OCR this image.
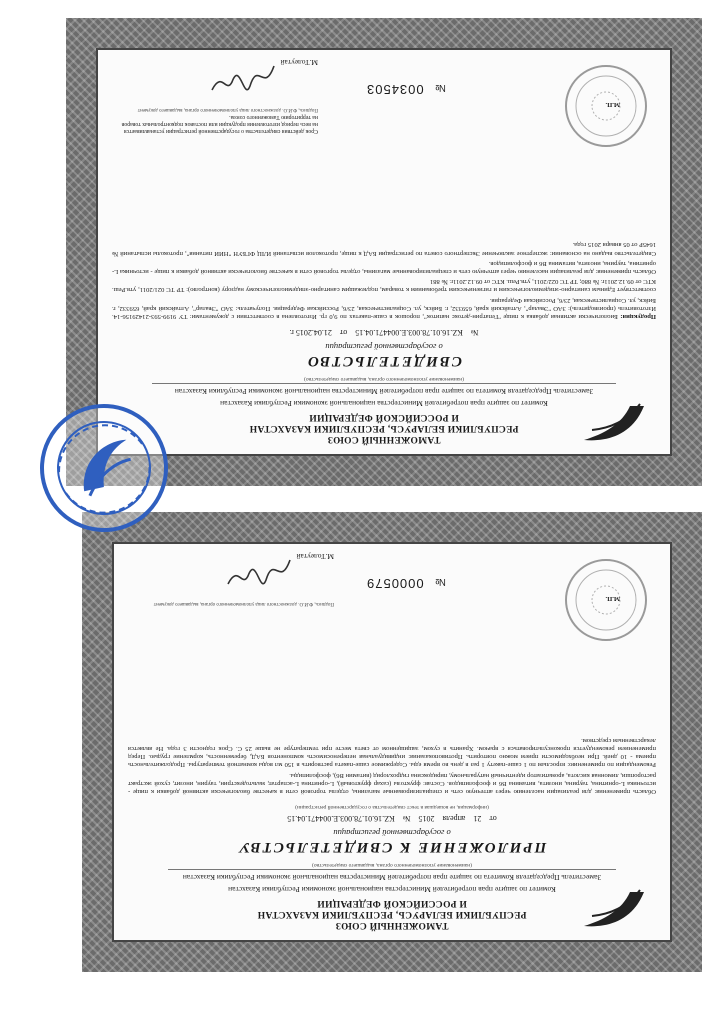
ТАМОЖЕННЫЙ СОЮЗ
РЕСПУБЛИКИ БЕЛАРУСЬ, РЕСПУБЛИКИ КАЗАХСТАН
И РОССИЙСКОЙ ФЕДЕРАЦИИ
Комитет по защите прав потребителей Министерства национальной экономики Республики Казахстан
Заместитель Председателя Комитета по защите прав потребителей Министерства национальной экономики Республики Казахстан
(наименование уполномоченного органа, выдавшего свидетельство)
СВИДЕТЕЛЬСТВО
о государственной регистрации
№ KZ.16.01.78.003.E.004471.04.15 от 21.04.2015 г.

Продукция: Биологически активная добавка к пище "Гепатрин-детокс напиток", порошок в саше-пакетах по 9,0 гр. Изготовлена в соответствии с документами: ТУ 9199-593-21429156-14. Изготовитель (производитель): ЗАО "Эвалар", Алтайский край, 659332, г. Бийск, ул. Социалистическая, 23/6, Российская Федерация. Получатель: ЗАО "Эвалар", Алтайский край, 659332, г. Бийск, ул. Социалистическая, 23/6, Российская Федерация.

соответствует Единым санитарно-эпидемиологическим и гигиеническим требованиям к товарам, подлежащим санитарно-эпидемиологическому надзору (контролю): ТР ТС 021/2011, утв.Реш. КТС от 09.12.2011г. № 880; ТР ТС 022/2011, утв.Реш. КТС от 09.12.2011г. № 881

Область применения: для реализации населению через аптечную сеть и специализированные магазины, отделы торговой сети в качестве биологически активной добавки к пище - источника L-орнитина, таурина, инозита, витамина B6 и фосфолипидов.

Свидетельство выдано на основании: экспертное заключение Экспертного совета по регистрации БАД к пище, протоколов испытаний ИЛЦ ФГБУН "НИИ питания", протоколы испытаний № 1645Р от 05 января 2015 года.

Срок действия свидетельства о государственной регистрации устанавливается на весь период изготовления продукции или поставок подконтрольных товаров на территорию Таможенного союза.
М.П.
№ 0034503
Подпись, Ф.И.О. должностного лица уполномоченного органа, выдавшего документ
М.Толеутай
ТАМОЖЕННЫЙ СОЮЗ
РЕСПУБЛИКИ БЕЛАРУСЬ, РЕСПУБЛИКИ КАЗАХСТАН
И РОССИЙСКОЙ ФЕДЕРАЦИИ
Комитет по защите прав потребителей Министерства национальной экономики Республики Казахстан
Заместитель Председателя Комитета по защите прав потребителей Министерства национальной экономики Республики Казахстан
(наименование уполномоченного органа, выдавшего свидетельство)
ПРИЛОЖЕНИЕ К СВИДЕТЕЛЬСТВУ
о государственной регистрации
от 21 апреля 2015 № KZ.16.01.78.003.E.004471.04.15
(информация, не вошедшая в текст свидетельства о государственной регистрации)

Область применения: для реализации населению через аптечную сеть и специализированные магазины, отделы торговой сети в качестве биологически активной добавки к пище - источника L-орнитина, таурина, инозита, витамина B6 и фосфолипидов. Состав: фруктозы (сахар фруктовый), L-орнитина L-аспартат, мальтодекстрин, таурин, инозит, сухой экстракт расторопши, лимонная кислота, ароматизатор идентичный натуральному, пиридоксина гидрохлорид (витамин B6), фосфолипиды.

Рекомендации по применению: взрослым по 1 саше-пакету 1 раз в день во время еды. Содержимое саше-пакета растворить в 150 мл воды комнатной температуры. Продолжительность приема - 10 дней. При необходимости прием можно повторить. Противопоказания: индивидуальная непереносимость компонентов БАД, беременность, кормление грудью. Перед применением рекомендуется проконсультироваться с врачом. Хранить в сухом, защищенном от света месте при температуре не выше 25 С. Срок годности 3 года. Не является лекарственным средством.

М.П.
№ 0000579
Подпись, Ф.И.О. должностного лица уполномоченного органа, выдавшего документ
М.Толеутай
